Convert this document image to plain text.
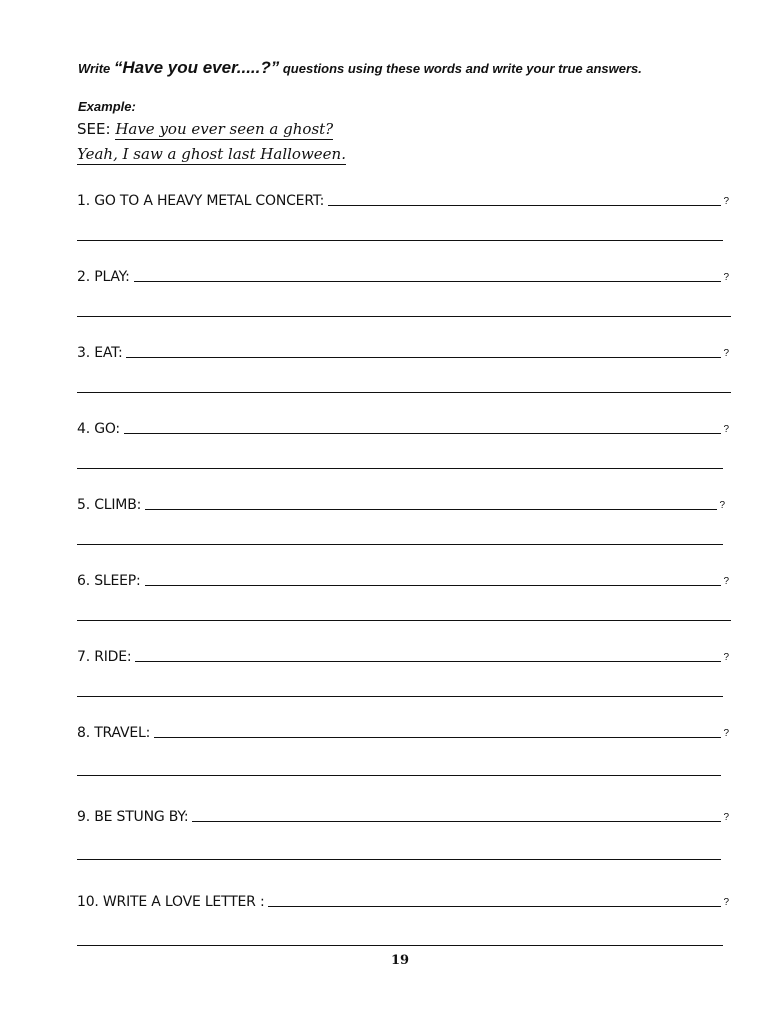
Write “Have you ever.....?” questions using these words and write your true answers.
Example:
SEE: Have you ever seen a ghost?
Yeah, I saw a ghost last Halloween.
1. GO TO A HEAVY METAL CONCERT:	?
2. PLAY:	?
3. EAT:	?
4. GO:	?
5. CLIMB:	?
6. SLEEP:	?
7. RIDE:	?
8. TRAVEL:	?
9. BE STUNG BY:	?
10. WRITE A LOVE LETTER :	?
19
